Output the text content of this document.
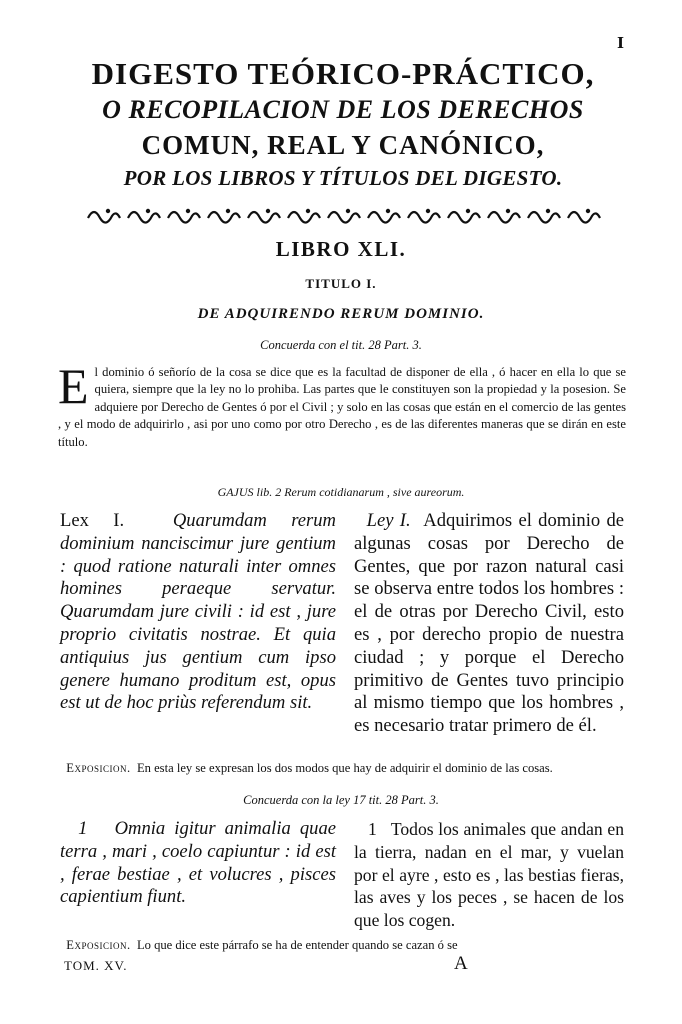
I

DIGESTO TEÓRICO-PRÁCTICO,

O RECOPILACION DE LOS DERECHOS

COMUN, REAL Y CANÓNICO,

POR LOS LIBROS Y TÍTULOS DEL DIGESTO.

LIBRO XLI.
TITULO I.
DE ADQUIRENDO RERUM DOMINIO.
Concuerda con el tit. 28 Part. 3.
El dominio ó señorío de la cosa se dice que es la facultad de disponer de ella , ó hacer en ella lo que se quiera, siempre que la ley no lo prohiba. Las partes que le constituyen son la propiedad y la posesion. Se adquiere por Derecho de Gentes ó por el Civil ; y solo en las cosas que están en el comercio de las gentes , y el modo de adquirirlo , asi por uno como por otro Derecho , es de las diferentes maneras que se dirán en este título.
GAJUS lib. 2 Rerum cotidianarum , sive aureorum.
Lex I.	Quarumdam rerum dominium nanciscimur jure gentium : quod ratione naturali inter omnes homines peraeque servatur. Quarumdam jure civili : id est , jure proprio civitatis nostrae. Et quia antiquius jus gentium cum ipso genere humano proditum est, opus est ut de hoc priùs referendum sit.
Ley I. Adquirimos el dominio de algunas cosas por Derecho de Gentes, que por razon natural casi se observa entre todos los hombres : el de otras por Derecho Civil, esto es , por derecho propio de nuestra ciudad ; y porque el Derecho primitivo de Gentes tuvo principio al mismo tiempo que los hombres , es necesario tratar primero de él.
Exposicion. En esta ley se expresan los dos modos que hay de adquirir el dominio de las cosas.
Concuerda con la ley 17 tit. 28 Part. 3.
1 Omnia igitur animalia quae terra , mari , coelo capiuntur : id est , ferae bestiae , et volucres , pisces capientium fiunt.
1 Todos los animales que andan en la tierra, nadan en el mar, y vuelan por el ayre , esto es , las bestias fieras, las aves y los peces , se hacen de los que los cogen.
Exposicion. Lo que dice este párrafo se ha de entender quando se cazan ó se
TOM. XV.	A
